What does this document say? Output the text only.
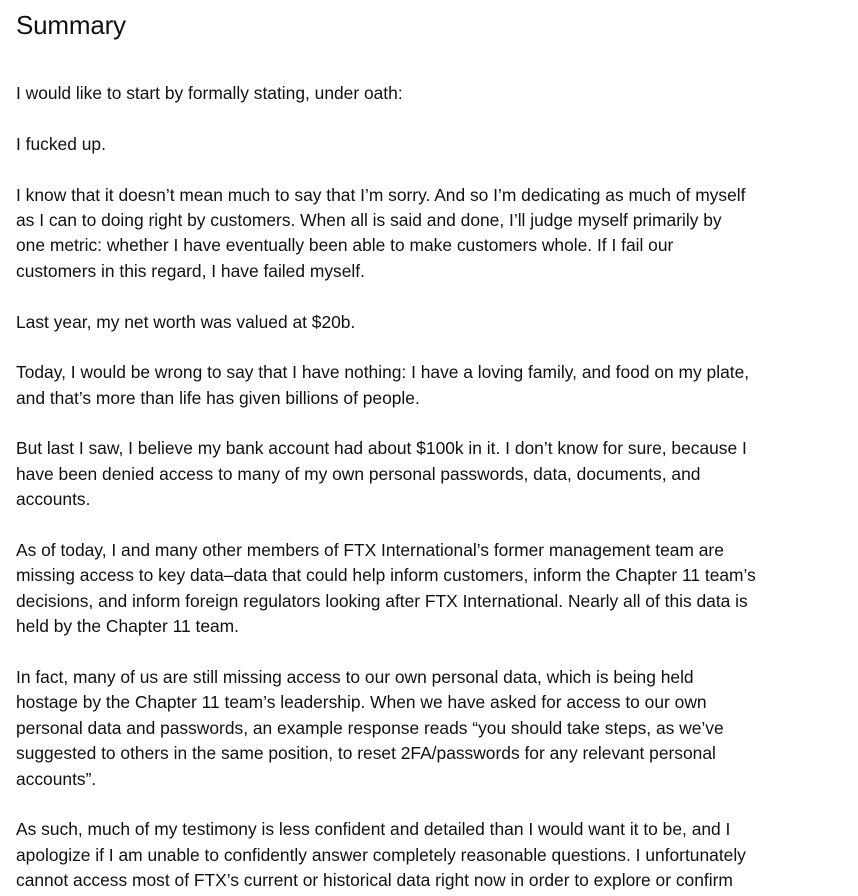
Summary

I would like to start by formally stating, under oath:

I fucked up.

I know that it doesn’t mean much to say that I’m sorry. And so I’m dedicating as much of myself
as I can to doing right by customers. When all is said and done, I’ll judge myself primarily by
one metric: whether I have eventually been able to make customers whole. If I fail our
customers in this regard, I have failed myself.

Last year, my net worth was valued at $20b.

Today, I would be wrong to say that I have nothing: I have a loving family, and food on my plate,
and that’s more than life has given billions of people.

But last I saw, I believe my bank account had about $100k in it. I don’t know for sure, because I
have been denied access to many of my own personal passwords, data, documents, and
accounts.

As of today, I and many other members of FTX International’s former management team are
missing access to key data–data that could help inform customers, inform the Chapter 11 team’s
decisions, and inform foreign regulators looking after FTX International. Nearly all of this data is
held by the Chapter 11 team.

In fact, many of us are still missing access to our own personal data, which is being held
hostage by the Chapter 11 team’s leadership. When we have asked for access to our own
personal data and passwords, an example response reads “you should take steps, as we’ve
suggested to others in the same position, to reset 2FA/passwords for any relevant personal
accounts”.

As such, much of my testimony is less confident and detailed than I would want it to be, and I
apologize if I am unable to confidently answer completely reasonable questions. I unfortunately
cannot access most of FTX’s current or historical data right now in order to explore or confirm
